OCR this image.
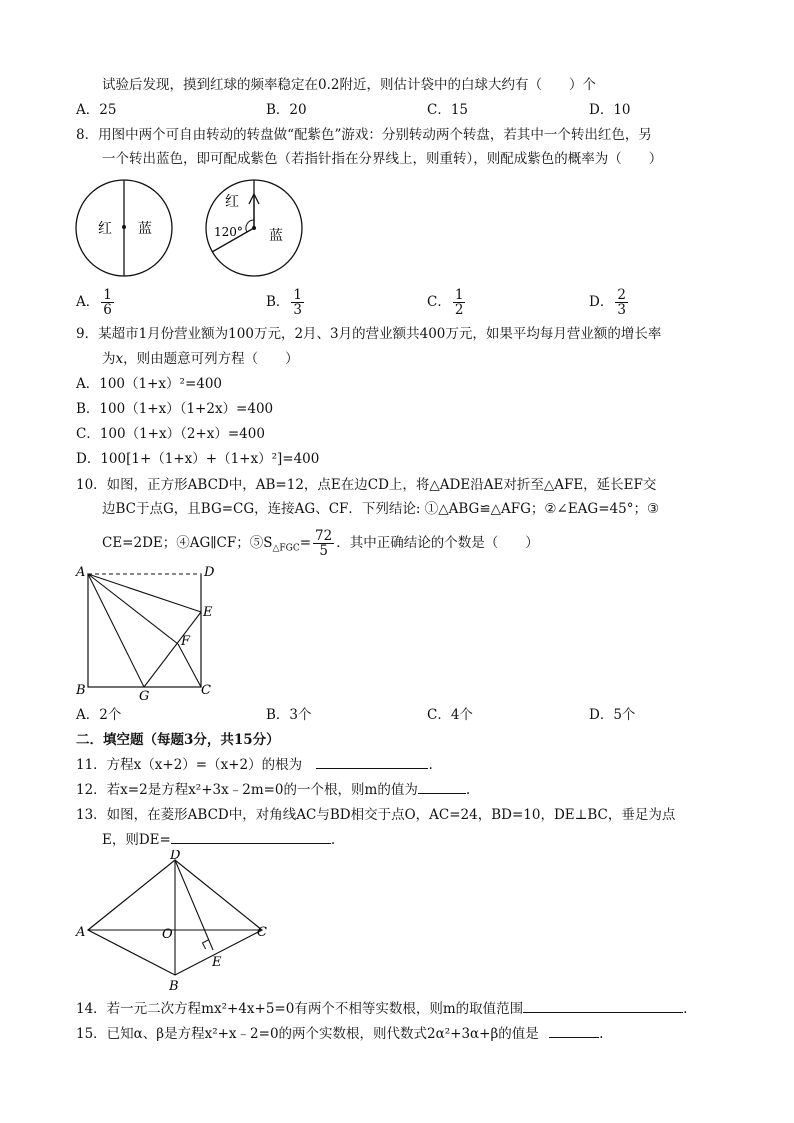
试验后发现，摸到红球的频率稳定在0.2附近，则估计袋中的白球大约有（　　）个
A．25	B．20	C．15	D．10
8．用图中两个可自由转动的转盘做“配紫色”游戏：分别转动两个转盘，若其中一个转出红色，另
一个转出蓝色，即可配成紫色（若指针指在分界线上，则重转），则配成紫色的概率为（　　）
红 蓝
红
120° 蓝
A． $\frac{1}{6}$	B． $\frac{1}{3}$	C． $\frac{1}{2}$	D． $\frac{2}{3}$
9．某超市1月份营业额为100万元，2月、3月的营业额共400万元，如果平均每月营业额的增长率
为x，则由题意可列方程（　　）
A．100（1+x）²=400
B．100（1+x）（1+2x）=400
C．100（1+x）（2+x）=400
D．100[1+（1+x）+（1+x）²]=400
10．如图，正方形ABCD中，AB=12，点E在边CD上，将△ADE沿AE对折至△AFE，延长EF交
边BC于点G，且BG=CG，连接AG、CF．下列结论: ①△ABG≌△AFG；②∠EAG=45°；③
CE=2DE；④AG∥CF；$⑤S_{\triangle FGC}= \frac{72}{5}$ ．其中正确结论的个数是（　　）
A	D
E
F
B	G	C
A．2个	B．3个	C．4个	D．5个
二．填空题（每题3分，共15分）
11．方程x（x+2）=（x+2）的根为	.
12．若x=2是方程x²+3x﹣2m=0的一个根，则m的值为	.
13．如图，在菱形ABCD中，对角线AC与BD相交于点O，AC=24，BD=10，DE⊥BC，垂足为点
E，则DE=	.
D
A	O	C
E
B
14．若一元二次方程mx²+4x+5=0有两个不相等实数根，则m的取值范围	.
15．已知α、β是方程x²+x﹣2=0的两个实数根，则代数式2α²+3α+β的值是	.
